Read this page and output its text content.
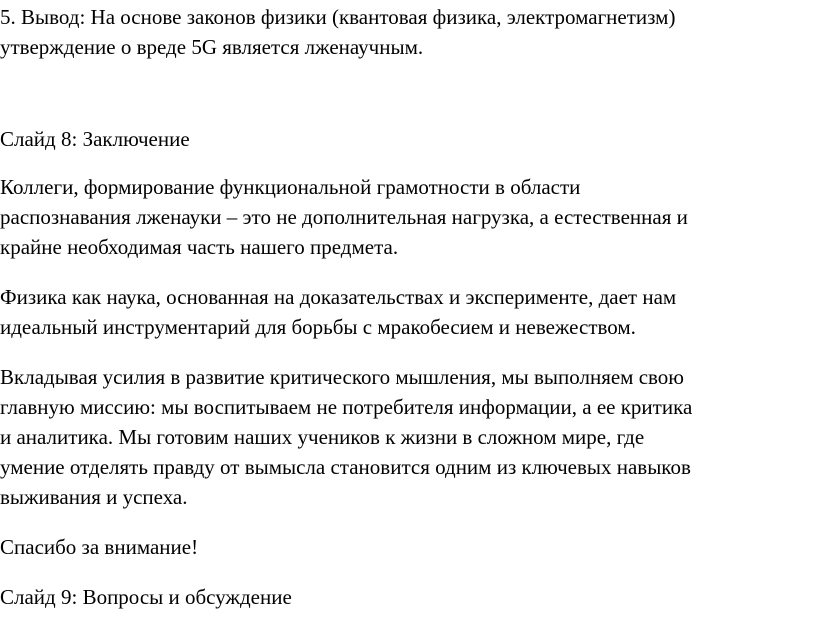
5. Вывод: На основе законов физики (квантовая физика, электромагнетизм)

утверждение о вреде 5G является лженаучным.

Слайд 8: Заключение

Коллеги, формирование функциональной грамотности в области

распознавания лженауки – это не дополнительная нагрузка, а естественная и

крайне необходимая часть нашего предмета.

Физика как наука, основанная на доказательствах и эксперименте, дает нам

идеальный инструментарий для борьбы с мракобесием и невежеством.

Вкладывая усилия в развитие критического мышления, мы выполняем свою

главную миссию: мы воспитываем не потребителя информации, а ее критика

и аналитика. Мы готовим наших учеников к жизни в сложном мире, где

умение отделять правду от вымысла становится одним из ключевых навыков

выживания и успеха.

Спасибо за внимание!

Слайд 9: Вопросы и обсуждение
